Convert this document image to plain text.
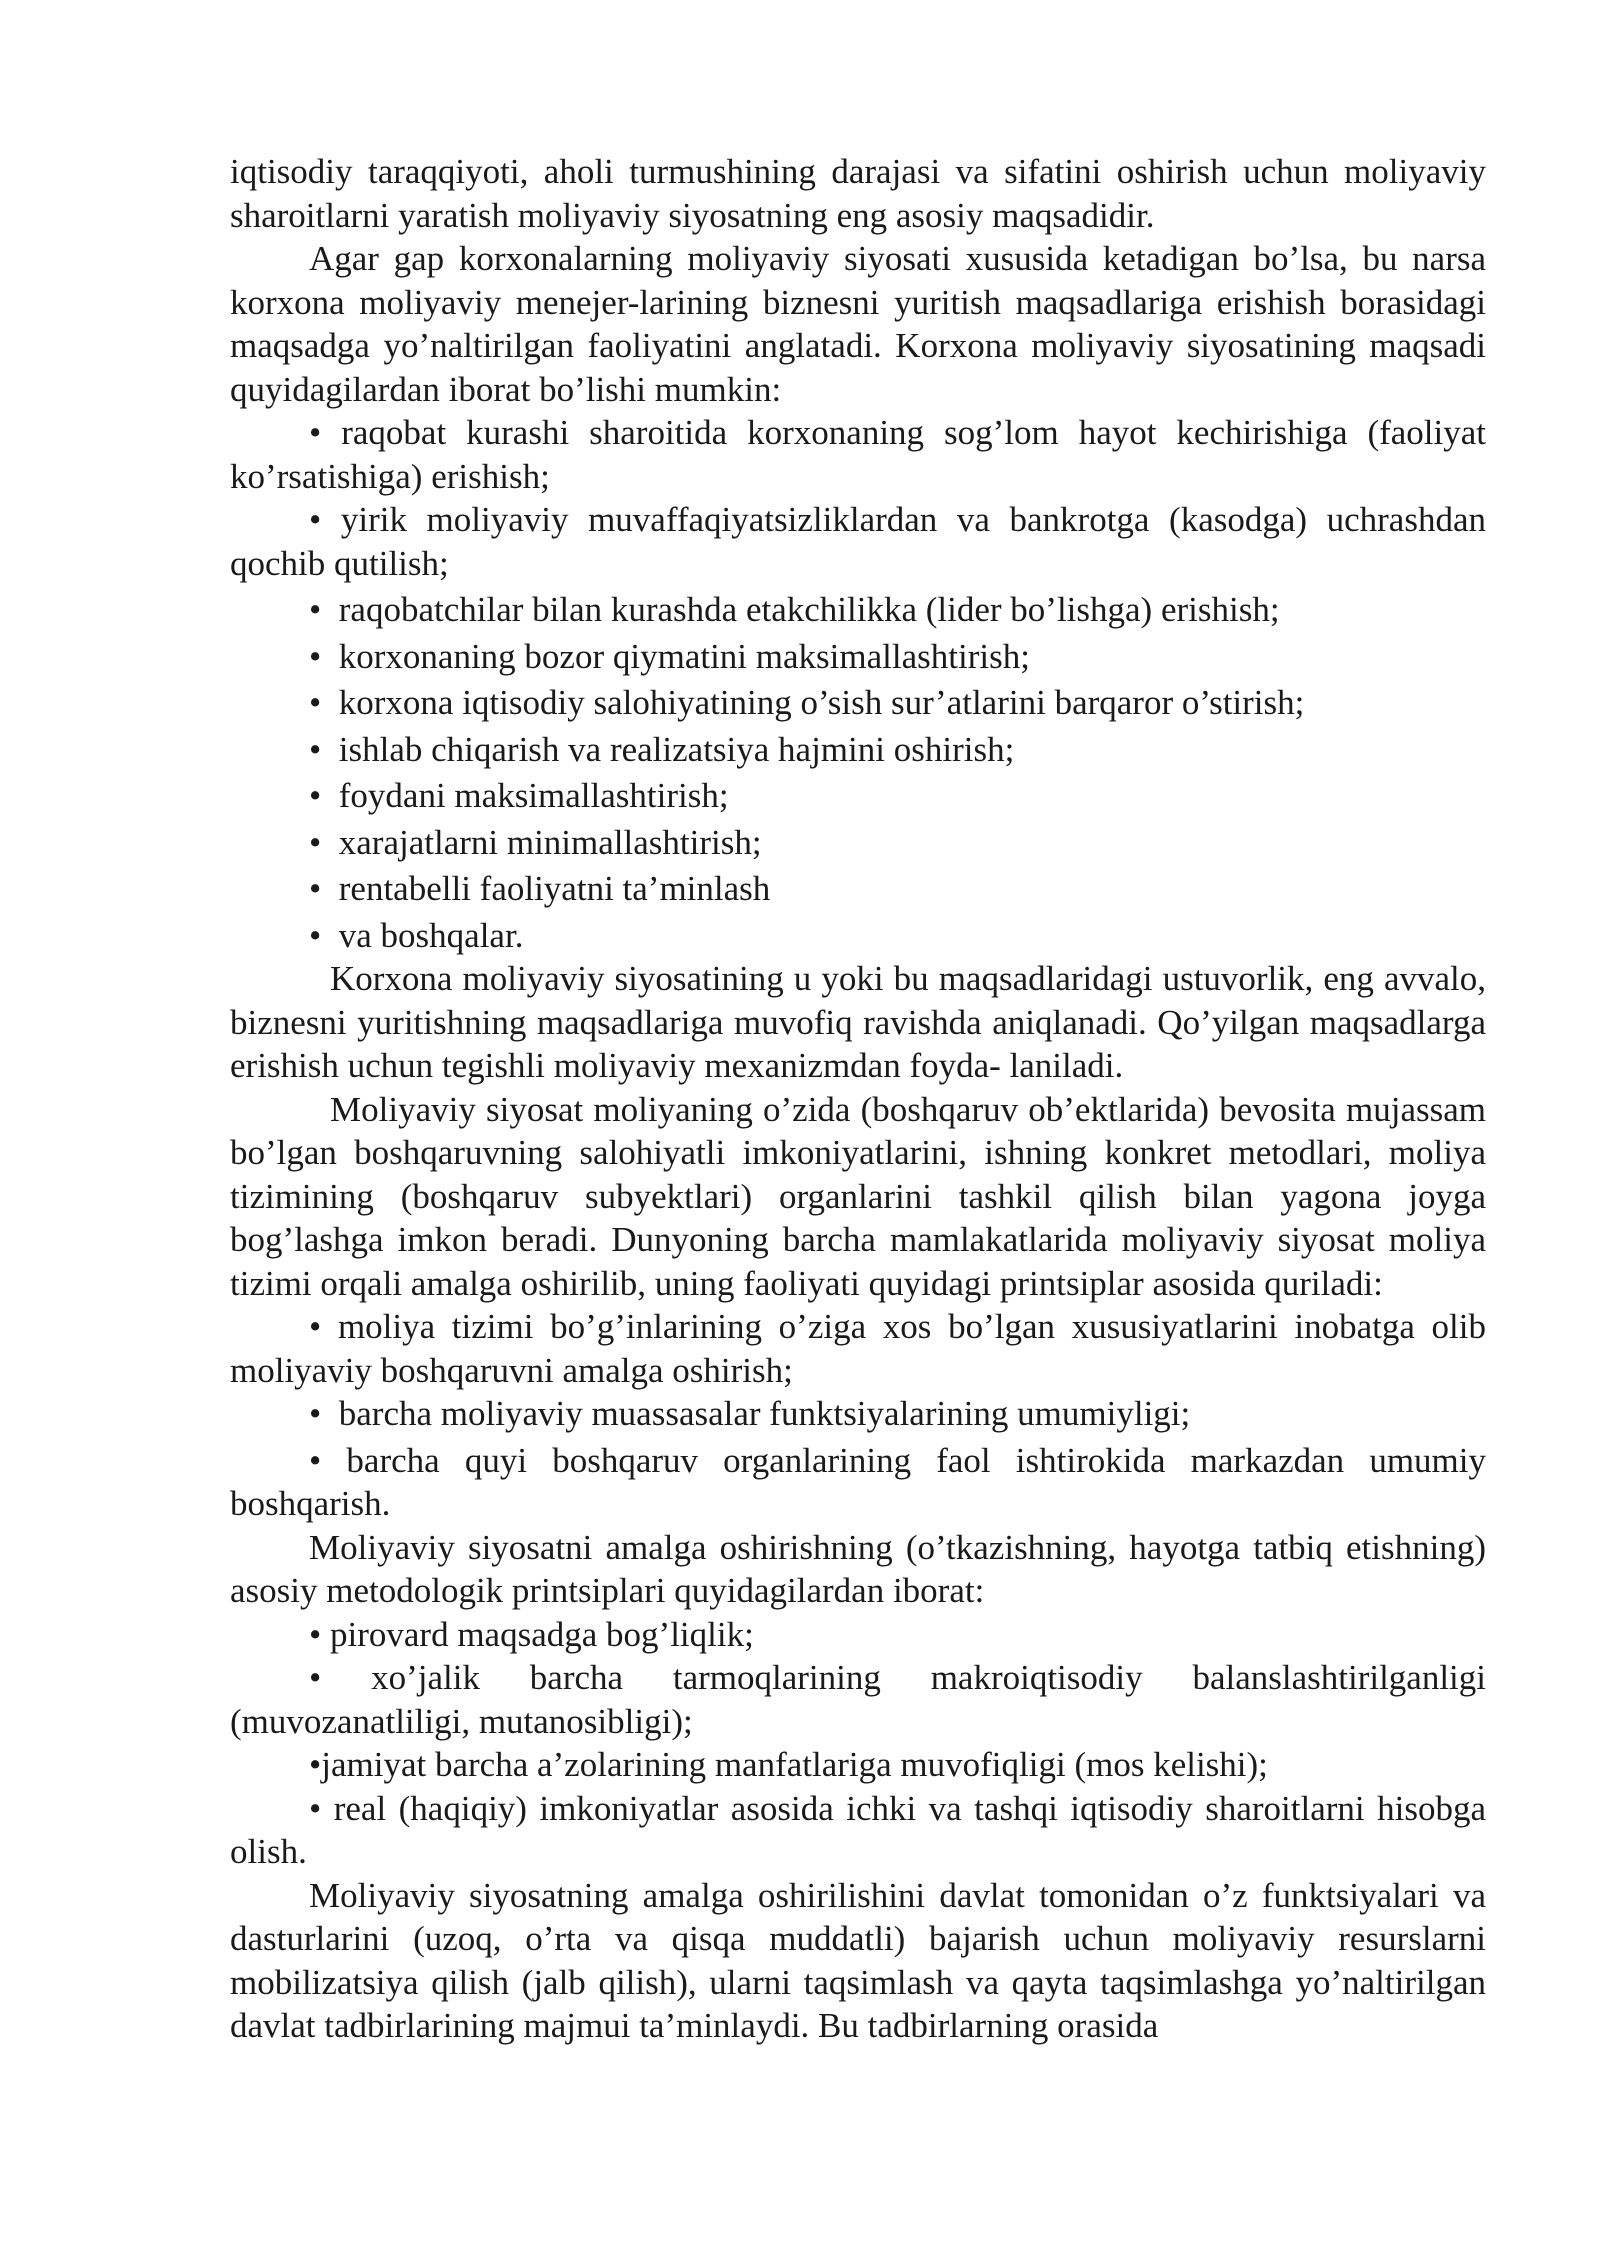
iqtisodiy taraqqiyoti, aholi turmushining darajasi va sifatini oshirish uchun moliyaviy sharoitlarni yaratish moliyaviy siyosatning eng asosiy maqsadidir.

Agar gap korxonalarning moliyaviy siyosati xususida ketadigan bo’lsa, bu narsa korxona moliyaviy menejer-larining biznesni yuritish maqsadlariga erishish borasidagi maqsadga yo’naltirilgan faoliyatini anglatadi. Korxona moliyaviy siyosatining maqsadi quyidagilardan iborat bo’lishi mumkin:

• raqobat kurashi sharoitida korxonaning sog’lom hayot kechirishiga (faoliyat ko’rsatishiga) erishish;

• yirik moliyaviy muvaffaqiyatsizliklardan va bankrotga (kasodga) uchrashdan qochib qutilish;

• raqobatchilar bilan kurashda etakchilikka (lider bo’lishga) erishish;

• korxonaning bozor qiymatini maksimallashtirish;

• korxona iqtisodiy salohiyatining o’sish sur’atlarini barqaror o’stirish;

• ishlab chiqarish va realizatsiya hajmini oshirish;

• foydani maksimallashtirish;

• xarajatlarni minimallashtirish;

• rentabelli faoliyatni ta’minlash

• va boshqalar.

Korxona moliyaviy siyosatining u yoki bu maqsadlaridagi ustuvorlik, eng avvalo, biznesni yuritishning maqsadlariga muvofiq ravishda aniqlanadi. Qo’yilgan maqsadlarga erishish uchun tegishli moliyaviy mexanizmdan foyda- laniladi.

Moliyaviy siyosat moliyaning o’zida (boshqaruv ob’ektlarida) bevosita mujassam bo’lgan boshqaruvning salohiyatli imkoniyatlarini, ishning konkret metodlari, moliya tizimining (boshqaruv subyektlari) organlarini tashkil qilish bilan yagona joyga bog’lashga imkon beradi. Dunyoning barcha mamlakatlarida moliyaviy siyosat moliya tizimi orqali amalga oshirilib, uning faoliyati quyidagi printsiplar asosida quriladi:

• moliya tizimi bo’g’inlarining o’ziga xos bo’lgan xususiyatlarini inobatga olib moliyaviy boshqaruvni amalga oshirish;

• barcha moliyaviy muassasalar funktsiyalarining umumiyligi;

• barcha quyi boshqaruv organlarining faol ishtirokida markazdan umumiy boshqarish.

Moliyaviy siyosatni amalga oshirishning (o’tkazishning, hayotga tatbiq etishning) asosiy metodologik printsiplari quyidagilardan iborat:

• pirovard maqsadga bog’liqlik;

• xo’jalik barcha tarmoqlarining makroiqtisodiy balanslashtirilganligi (muvozanatliligi, mutanosibligi);

•jamiyat barcha a’zolarining manfatlariga muvofiqligi (mos kelishi);

• real (haqiqiy) imkoniyatlar asosida ichki va tashqi iqtisodiy sharoitlarni hisobga olish.

Moliyaviy siyosatning amalga oshirilishini davlat tomonidan o’z funktsiyalari va dasturlarini (uzoq, o’rta va qisqa muddatli) bajarish uchun moliyaviy resurslarni mobilizatsiya qilish (jalb qilish), ularni taqsimlash va qayta taqsimlashga yo’naltirilgan davlat tadbirlarining majmui ta’minlaydi. Bu tadbirlarning orasida
